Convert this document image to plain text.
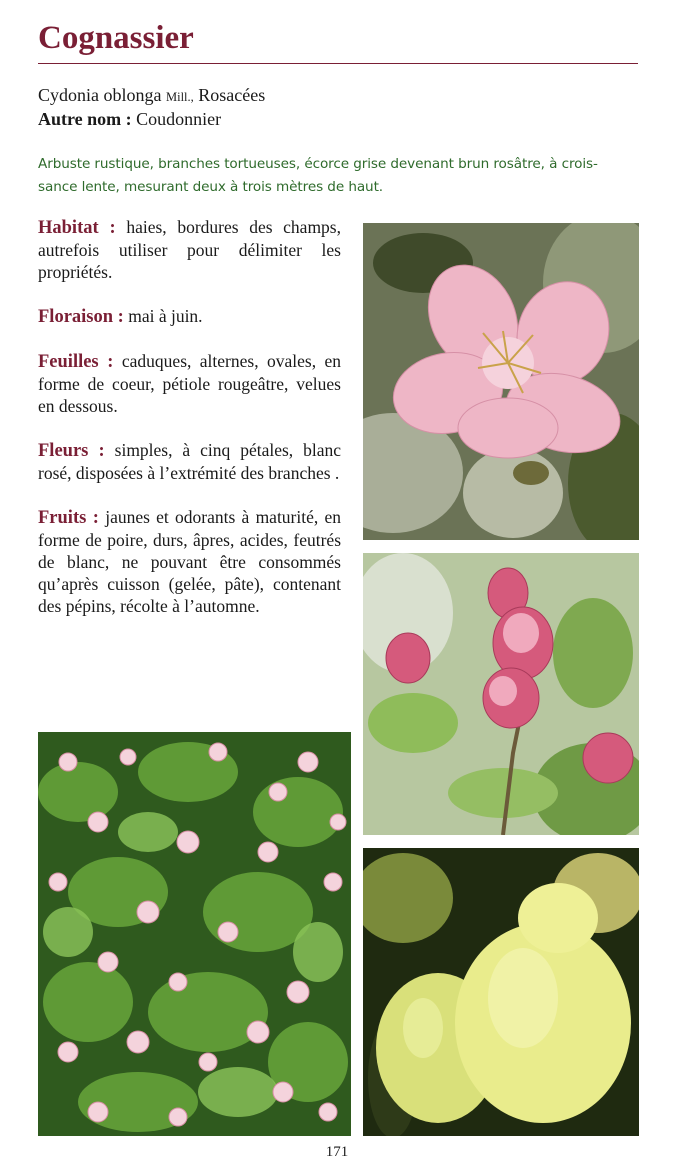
Cognassier
Cydonia oblonga Mill., Rosacées
Autre nom : Coudonnier
Arbuste rustique, branches tortueuses, écorce grise devenant brun rosâtre, à crois- sance lente, mesurant deux à trois mètres de haut.

Habitat : haies, bordures des champs, autrefois utiliser pour délimiter les propriétés.

Floraison : mai à juin.

Feuilles : caduques, alternes, ovales, en forme de coeur, pétiole rougeâtre, velues en dessous.

Fleurs : simples, à cinq pétales, blanc rosé, disposées à l’extrémité des branches .

Fruits : jaunes et odorants à maturité, en forme de poire, durs, âpres, acides, feutrés de blanc, ne pouvant être consommés qu’après cuisson (gelée, pâte), contenant des pépins, récolte à l’automne.

171
